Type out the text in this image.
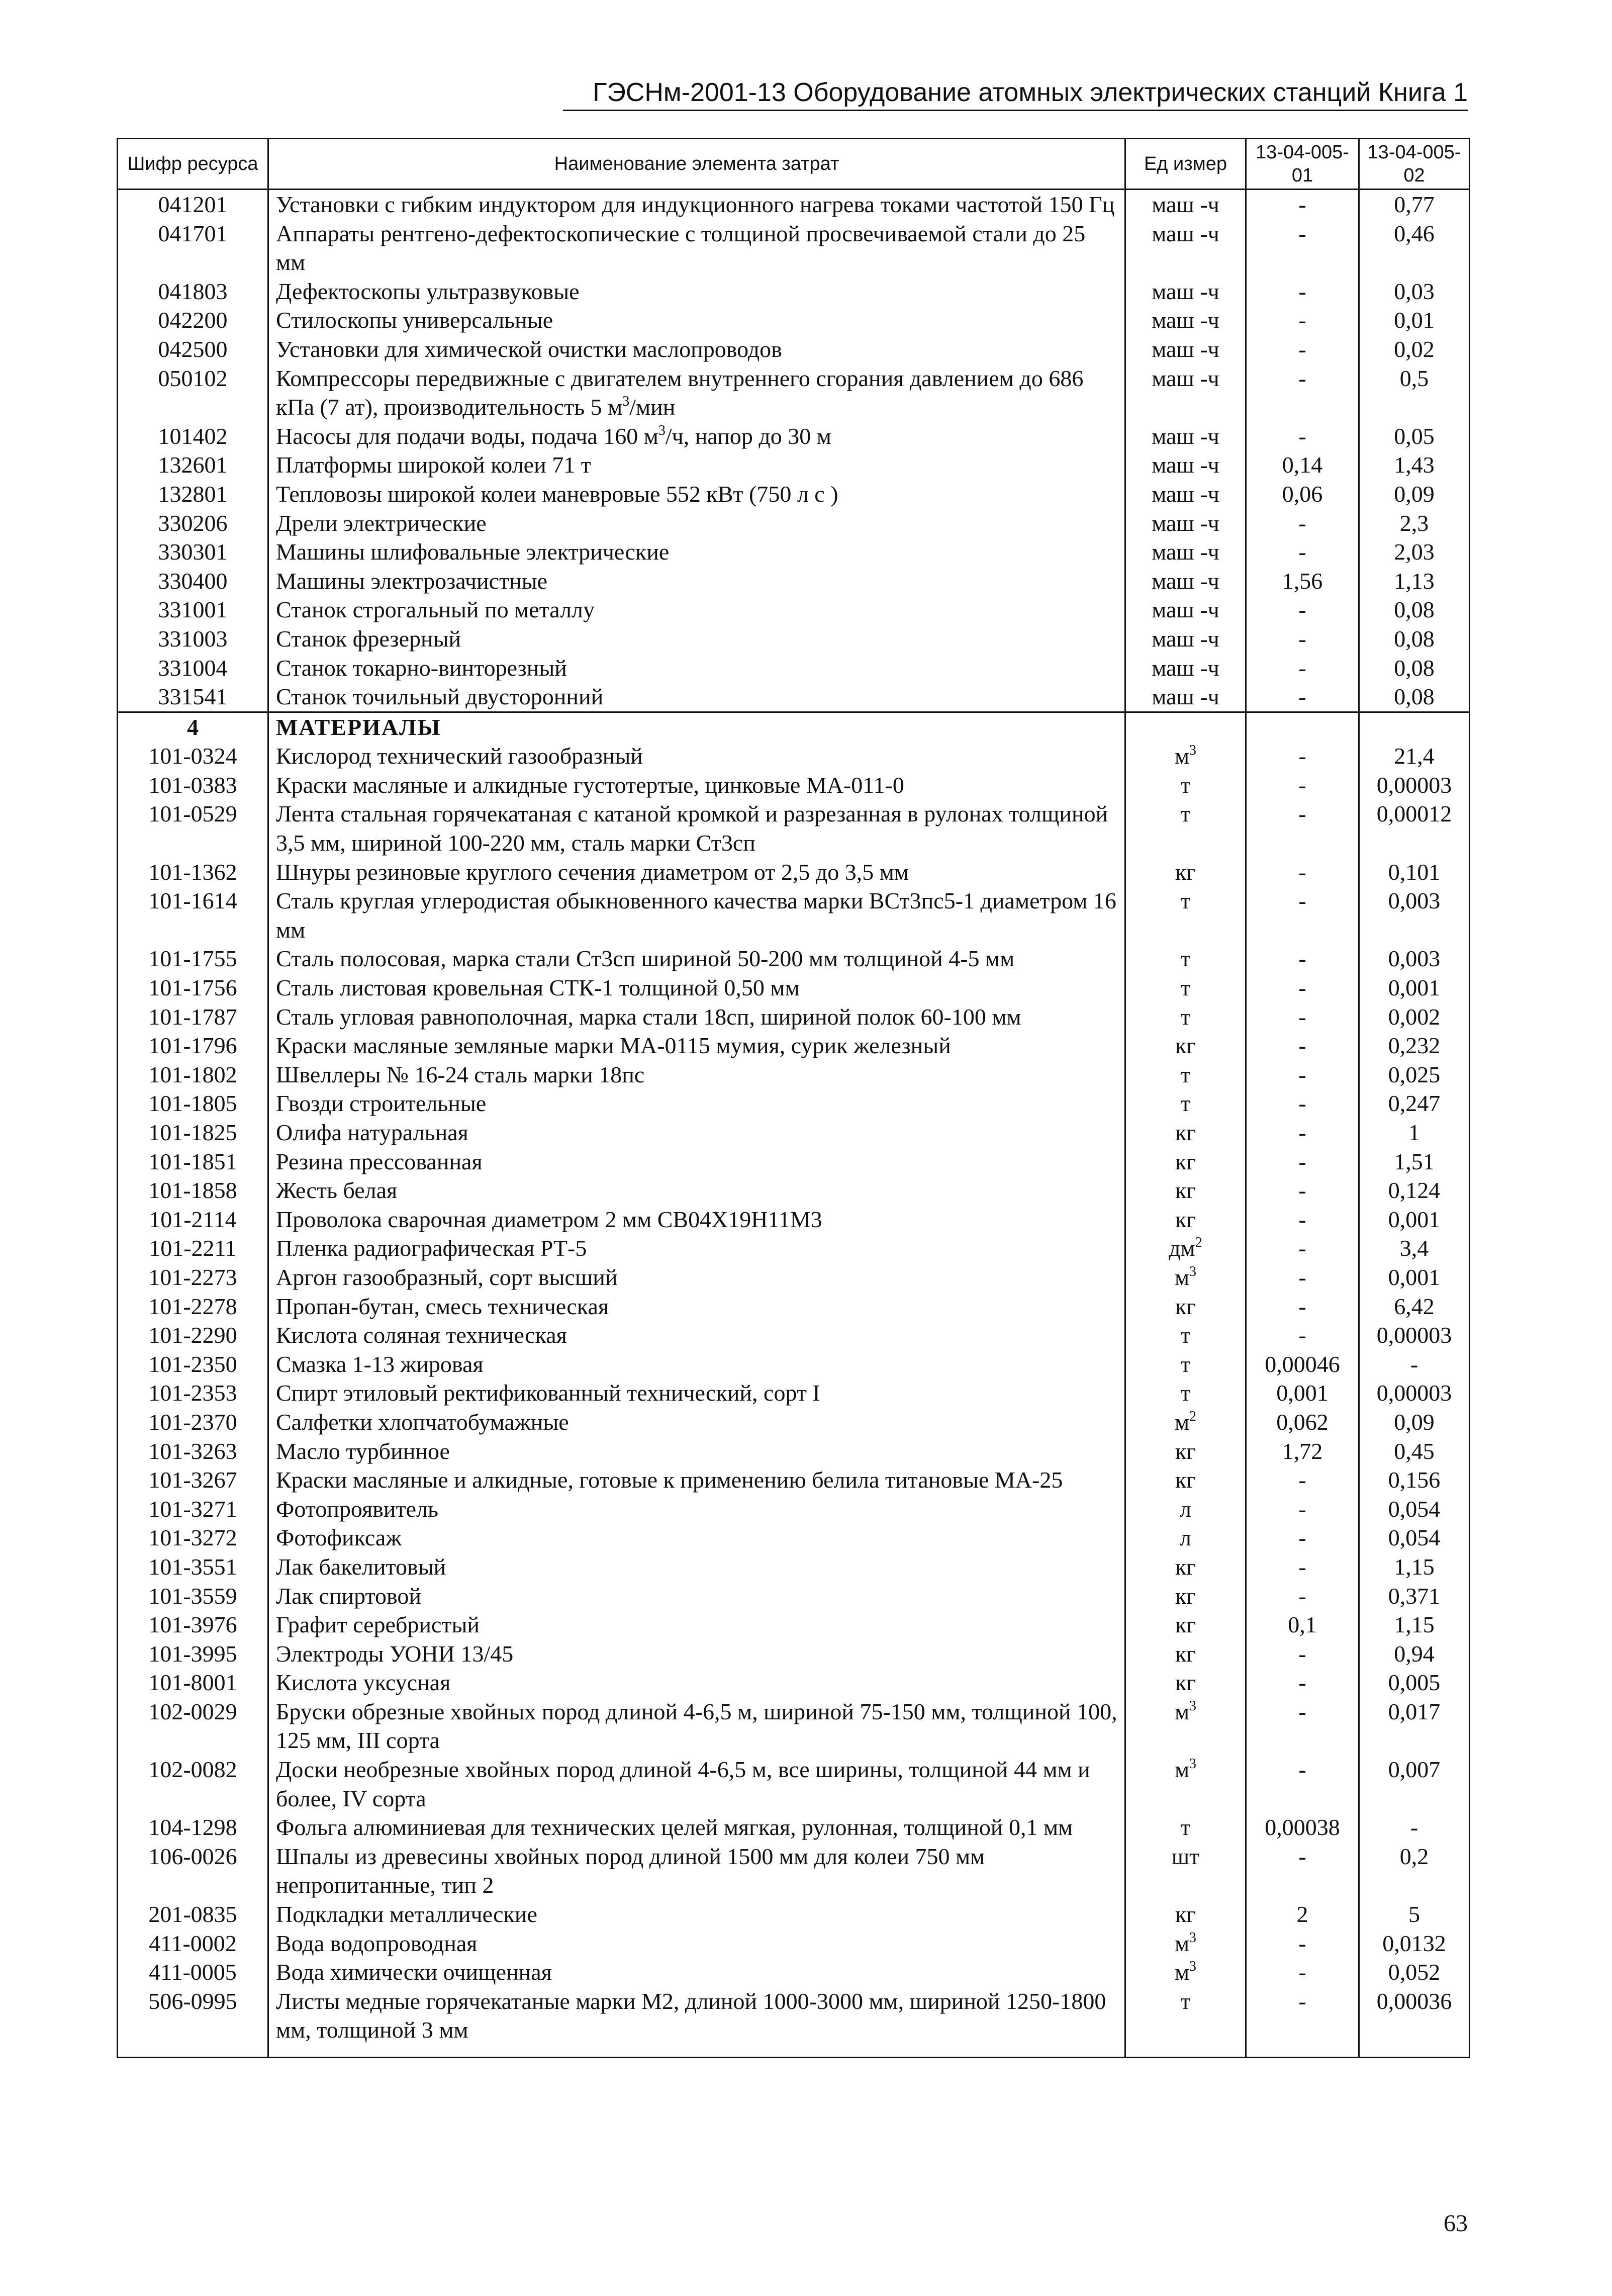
ГЭСНм-2001-13 Оборудование атомных электрических станций Книга 1
Шифр ресурса	Наименование элемента затрат	Ед измер	13-04-005-01	13-04-005-02
041201	Установки с гибким индуктором для индукционного нагрева токами частотой 150 Гц	маш -ч	-	0,77
041701	Аппараты рентгено-дефектоскопические с толщиной просвечиваемой стали до 25 мм	маш -ч	-	0,46
041803	Дефектоскопы ультразвуковые	маш -ч	-	0,03
042200	Стилоскопы универсальные	маш -ч	-	0,01
042500	Установки для химической очистки маслопроводов	маш -ч	-	0,02
050102	Компрессоры передвижные с двигателем внутреннего сгорания давлением до 686 кПа (7 ат), производительность 5 $м^3$/мин	маш -ч	-	0,5
101402	Насосы для подачи воды, подача 160 $м^3/ч$, напор до 30 м	маш -ч	-	0,05
132601	Платформы широкой колеи 71 т	маш -ч	0,14	1,43
132801	Тепловозы широкой колеи маневровые 552 кВт (750 л с )	маш -ч	0,06	0,09
330206	Дрели электрические	маш -ч	-	2,3
330301	Машины шлифовальные электрические	маш -ч	-	2,03
330400	Машины электрозачистные	маш -ч	1,56	1,13
331001	Станок строгальный по металлу	маш -ч	-	0,08
331003	Станок фрезерный	маш -ч	-	0,08
331004	Станок токарно-винторезный	маш -ч	-	0,08
331541	Станок точильный двусторонний	маш -ч	-	0,08
4	МАТЕРИАЛЫ			
101-0324	Кислород технический газообразный	$м^3$	-	21,4
101-0383	Краски масляные и алкидные густотертые, цинковые МА-011-0	т	-	0,00003
101-0529	Лента стальная горячекатаная с катаной кромкой и разрезанная в рулонах толщиной 3,5 мм, шириной 100-220 мм, сталь марки Ст3сп	т	-	0,00012
101-1362	Шнуры резиновые круглого сечения диаметром от 2,5 до 3,5 мм	кг	-	0,101
101-1614	Сталь круглая углеродистая обыкновенного качества марки ВСт3пс5-1 диаметром 16 мм	т	-	0,003
101-1755	Сталь полосовая, марка стали Ст3сп шириной 50-200 мм толщиной 4-5 мм	т	-	0,003
101-1756	Сталь листовая кровельная СТК-1 толщиной 0,50 мм	т	-	0,001
101-1787	Сталь угловая равнополочная, марка стали 18сп, шириной полок 60-100 мм	т	-	0,002
101-1796	Краски масляные земляные марки МА-0115 мумия, сурик железный	кг	-	0,232
101-1802	Швеллеры № 16-24 сталь марки 18пс	т	-	0,025
101-1805	Гвозди строительные	т	-	0,247
101-1825	Олифа натуральная	кг	-	1
101-1851	Резина прессованная	кг	-	1,51
101-1858	Жесть белая	кг	-	0,124
101-2114	Проволока сварочная диаметром 2 мм СВ04Х19Н11М3	кг	-	0,001
101-2211	Пленка радиографическая РТ-5	$дм^2$	-	3,4
101-2273	Аргон газообразный, сорт высший	$м^3$	-	0,001
101-2278	Пропан-бутан, смесь техническая	кг	-	6,42
101-2290	Кислота соляная техническая	т	-	0,00003
101-2350	Смазка 1-13 жировая	т	0,00046	-
101-2353	Спирт этиловый ректификованный технический, сорт I	т	0,001	0,00003
101-2370	Салфетки хлопчатобумажные	$м^2$	0,062	0,09
101-3263	Масло турбинное	кг	1,72	0,45
101-3267	Краски масляные и алкидные, готовые к применению белила титановые МА-25	кг	-	0,156
101-3271	Фотопроявитель	л	-	0,054
101-3272	Фотофиксаж	л	-	0,054
101-3551	Лак бакелитовый	кг	-	1,15
101-3559	Лак спиртовой	кг	-	0,371
101-3976	Графит серебристый	кг	0,1	1,15
101-3995	Электроды УОНИ 13/45	кг	-	0,94
101-8001	Кислота уксусная	кг	-	0,005
102-0029	Бруски обрезные хвойных пород длиной 4-6,5 м, шириной 75-150 мм, толщиной 100, 125 мм, III сорта	$м^3$	-	0,017
102-0082	Доски необрезные хвойных пород длиной 4-6,5 м, все ширины, толщиной 44 мм и более, IV сорта	$м^3$	-	0,007
104-1298	Фольга алюминиевая для технических целей мягкая, рулонная, толщиной 0,1 мм	т	0,00038	-
106-0026	Шпалы из древесины хвойных пород длиной 1500 мм для колеи 750 мм непропитанные, тип 2	шт	-	0,2
201-0835	Подкладки металлические	кг	2	5
411-0002	Вода водопроводная	$м^3$	-	0,0132
411-0005	Вода химически очищенная	$м^3$	-	0,052
506-0995	Листы медные горячекатаные марки М2, длиной 1000-3000 мм, шириной 1250-1800 мм, толщиной 3 мм	т	-	0,00036
63
